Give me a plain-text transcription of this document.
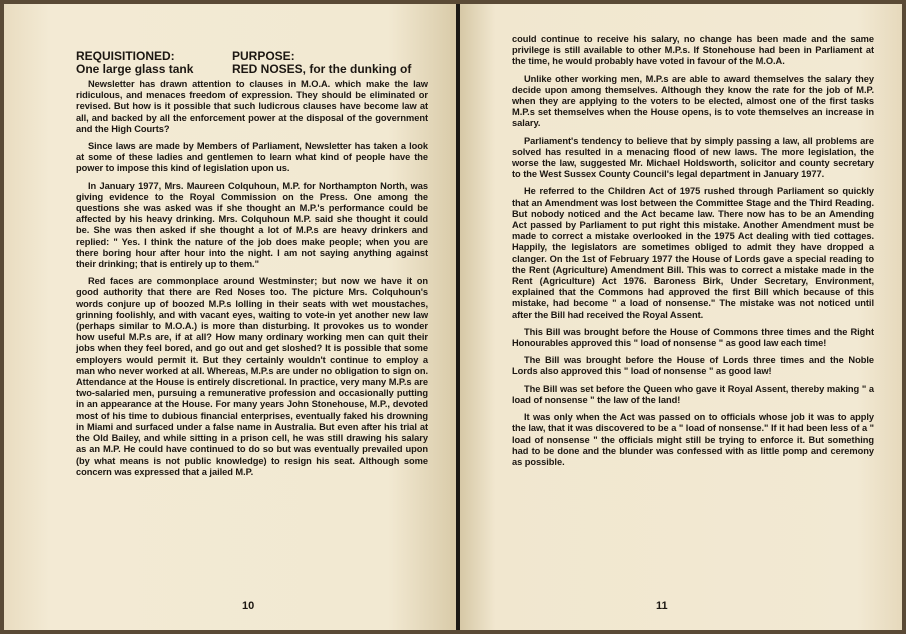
REQUISITIONED:
One large glass tank
PURPOSE:
RED NOSES, for the dunking of

Newsletter has drawn attention to clauses in M.O.A. which make the law ridiculous, and menaces freedom of expression. They should be eliminated or revised. But how is it possible that such ludicrous clauses have become law at all, and backed by all the enforcement power at the disposal of the government and the High Courts?

Since laws are made by Members of Parliament, Newsletter has taken a look at some of these ladies and gentlemen to learn what kind of people have the power to impose this kind of legislation upon us.

In January 1977, Mrs. Maureen Colquhoun, M.P. for Northampton North, was giving evidence to the Royal Commission on the Press. One among the questions she was asked was if she thought an M.P.'s performance could be affected by his heavy drinking. Mrs. Colquhoun M.P. said she thought it could be. She was then asked if she thought a lot of M.P.s are heavy drinkers and replied: " Yes. I think the nature of the job does make people; when you are there boring hour after hour into the night. I am not saying anything against their drinking; that is entirely up to them."

Red faces are commonplace around Westminster; but now we have it on good authority that there are Red Noses too. The picture Mrs. Colquhoun's words conjure up of boozed M.P.s lolling in their seats with wet moustaches, grinning foolishly, and with vacant eyes, waiting to vote-in yet another new law (perhaps similar to M.O.A.) is more than disturbing. It provokes us to wonder how useful M.P.s are, if at all? How many ordinary working men can quit their jobs when they feel bored, and go out and get sloshed? It is possible that some employers would permit it. But they certainly wouldn't continue to employ a man who never worked at all. Whereas, M.P.s are under no obligation to sign on. Attendance at the House is entirely discretional. In practice, very many M.P.s are two-salaried men, pursuing a remunerative profession and occasionally putting in an appearance at the House. For many years John Stonehouse, M.P., devoted most of his time to dubious financial enterprises, eventually faked his drowning in Miami and surfaced under a false name in Australia. But even after his trial at the Old Bailey, and while sitting in a prison cell, he was still drawing his salary as an M.P. He could have continued to do so but was eventually prevailed upon (by what means is not public knowledge) to resign his seat. Although some concern was expressed that a jailed M.P.

10

could continue to receive his salary, no change has been made and the same privilege is still available to other M.P.s. If Stonehouse had been in Parliament at the time, he would probably have voted in favour of the M.O.A.

Unlike other working men, M.P.s are able to award themselves the salary they decide upon among themselves. Although they know the rate for the job of M.P. when they are applying to the voters to be elected, almost one of the first tasks M.P.s set themselves when the House opens, is to vote themselves an increase in salary.

Parliament's tendency to believe that by simply passing a law, all problems are solved has resulted in a menacing flood of new laws. The more legislation, the worse the law, suggested Mr. Michael Holdsworth, solicitor and county secretary to the West Sussex County Council's legal department in January 1977.

He referred to the Children Act of 1975 rushed through Parliament so quickly that an Amendment was lost between the Committee Stage and the Third Reading. But nobody noticed and the Act became law. There now has to be an Amending Act passed by Parliament to put right this mistake. Another Amendment must be made to correct a mistake overlooked in the 1975 Act dealing with tied cottages. Happily, the legislators are sometimes obliged to admit they have dropped a clanger. On the 1st of February 1977 the House of Lords gave a special reading to the Rent (Agriculture) Amendment Bill. This was to correct a mistake made in the Rent (Agriculture) Act 1976. Baroness Birk, Under Secretary, Environment, explained that the Commons had approved the first Bill which because of this mistake, had become " a load of nonsense." The mistake was not noticed until after the Bill had received the Royal Assent.

This Bill was brought before the House of Commons three times and the Right Honourables approved this " load of nonsense " as good law each time!

The Bill was brought before the House of Lords three times and the Noble Lords also approved this " load of nonsense " as good law!

The Bill was set before the Queen who gave it Royal Assent, thereby making " a load of nonsense " the law of the land!

It was only when the Act was passed on to officials whose job it was to apply the law, that it was discovered to be a " load of nonsense." If it had been less of a " load of nonsense " the officials might still be trying to enforce it. But something had to be done and the blunder was confessed with as little pomp and ceremony as possible.

11
